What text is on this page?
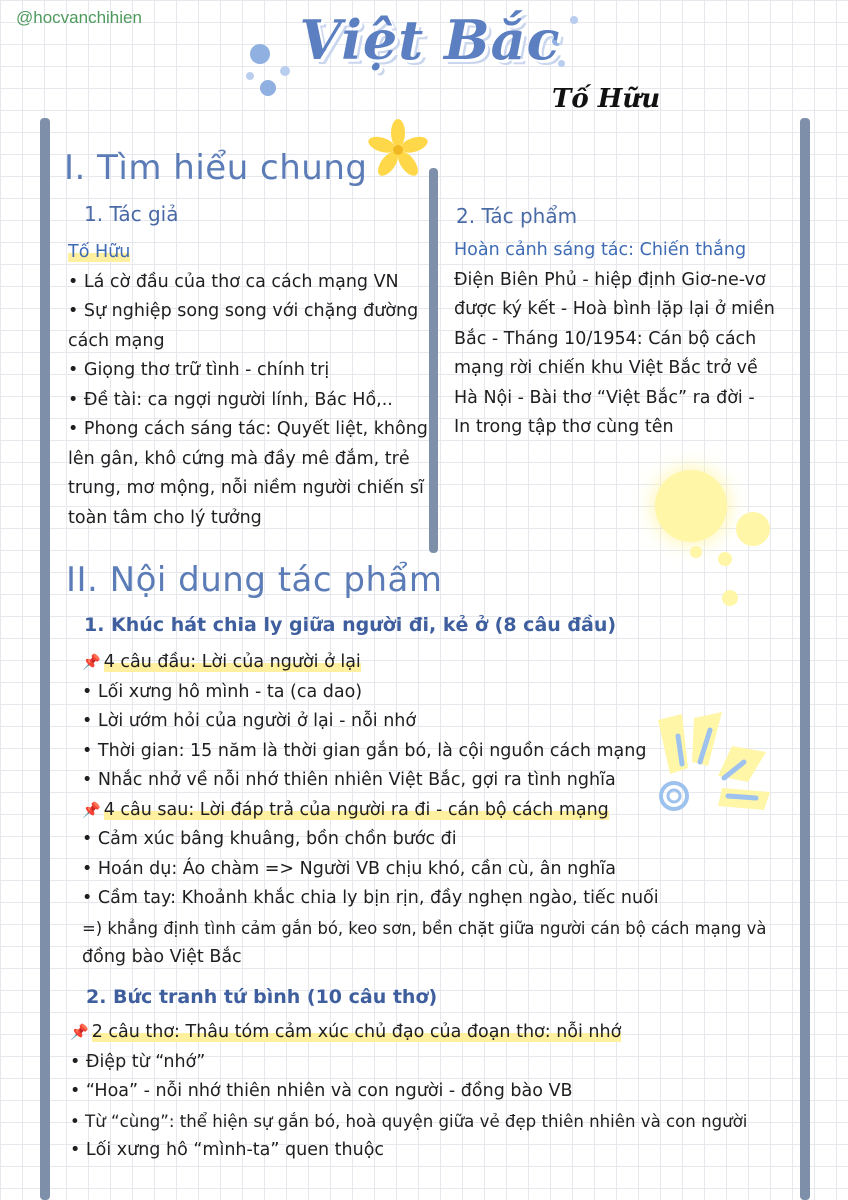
@hocvanchihien	Việt Bắc
Tố Hữu
I. Tìm hiểu chung
1. Tác giả
Tố Hữu
• Lá cờ đầu của thơ ca cách mạng VN
• Sự nghiệp song song với chặng đường
cách mạng
• Giọng thơ trữ tình - chính trị
• Đề tài: ca ngợi người lính, Bác Hồ,..
• Phong cách sáng tác: Quyết liệt, không
lên gân, khô cứng mà đầy mê đắm, trẻ
trung, mơ mộng, nỗi niềm người chiến sĩ
toàn tâm cho lý tưởng
2. Tác phẩm
Hoàn cảnh sáng tác: Chiến thắng
Điện Biên Phủ - hiệp định Giơ-ne-vơ
được ký kết - Hoà bình lặp lại ở miền
Bắc - Tháng 10/1954: Cán bộ cách
mạng rời chiến khu Việt Bắc trở về
Hà Nội - Bài thơ “Việt Bắc” ra đời -
In trong tập thơ cùng tên
II. Nội dung tác phẩm
1. Khúc hát chia ly giữa người đi, kẻ ở (8 câu đầu)
📌 4 câu đầu: Lời của người ở lại
• Lối xưng hô mình - ta (ca dao)
• Lời ướm hỏi của người ở lại - nỗi nhớ
• Thời gian: 15 năm là thời gian gắn bó, là cội nguồn cách mạng
• Nhắc nhở về nỗi nhớ thiên nhiên Việt Bắc, gợi ra tình nghĩa
📌 4 câu sau: Lời đáp trả của người ra đi - cán bộ cách mạng
• Cảm xúc bâng khuâng, bồn chồn bước đi
• Hoán dụ: Áo chàm => Người VB chịu khó, cần cù, ân nghĩa
• Cầm tay: Khoảnh khắc chia ly bịn rịn, đầy nghẹn ngào, tiếc nuối
=) khẳng định tình cảm gắn bó, keo sơn, bền chặt giữa người cán bộ cách mạng và
đồng bào Việt Bắc
2. Bức tranh tứ bình (10 câu thơ)
📌 2 câu thơ: Thâu tóm cảm xúc chủ đạo của đoạn thơ: nỗi nhớ
• Điệp từ “nhớ”
• “Hoa” - nỗi nhớ thiên nhiên và con người - đồng bào VB
• Từ “cùng”: thể hiện sự gắn bó, hoà quyện giữa vẻ đẹp thiên nhiên và con người
• Lối xưng hô “mình-ta” quen thuộc
